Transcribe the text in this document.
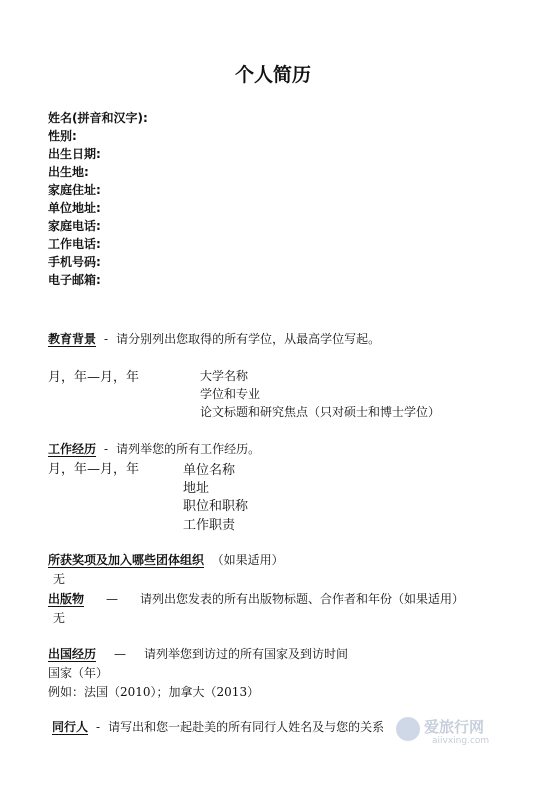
个人简历
姓名(拼音和汉字):
性别:
出生日期:
出生地:
家庭住址:
单位地址:
家庭电话:
工作电话:
手机号码:
电子邮箱:
教育背景 - 请分别列出您取得的所有学位，从最高学位写起。
月，年—月，年	大学名称
学位和专业
论文标题和研究焦点（只对硕士和博士学位）
工作经历 - 请列举您的所有工作经历。
月，年—月，年	单位名称
地址
职位和职称
工作职责
所获奖项及加入哪些团体组织 （如果适用）
无
出版物 — 请列出您发表的所有出版物标题、合作者和年份（如果适用）
无
出国经历 — 请列举您到访过的所有国家及到访时间
国家（年）
例如：法国（2010）；加拿大（2013）
同行人 - 请写出和您一起赴美的所有同行人姓名及与您的关系	爱旅行网
aiivxing.com
